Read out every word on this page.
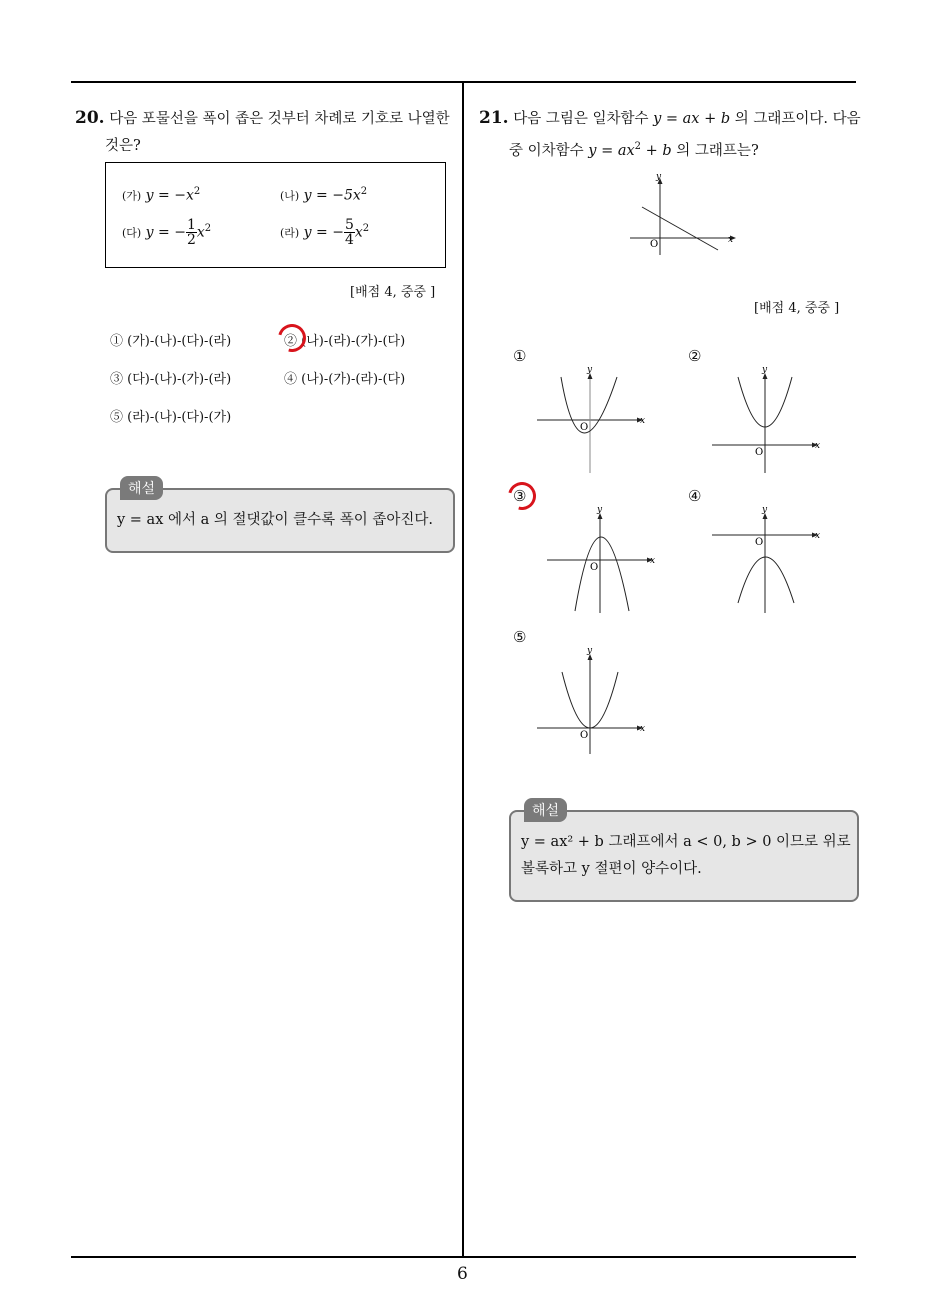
20. 다음 포물선을 폭이 좁은 것부터 차례로 기호로 나열한
것은?
(가) $y = -x^2$	(나) $y = -5x^2$
(다) y = − $\frac{1}{2} x^2$	(라) y = − $\frac{5}{4} x^2$
[배점 4, 중중 ]
① (가)-(나)-(다)-(라)	② (나)-(라)-(가)-(다)
③ (다)-(나)-(가)-(라)	④ (나)-(가)-(라)-(다)
⑤ (라)-(나)-(다)-(가)
해설
y = ax 에서 a 의 절댓값이 클수록 폭이 좁아진다.
21. 다음 그림은 일차함수 y = ax + b 의 그래프이다. 다음
중 이차함수 $y = ax^2 + b$ 의 그래프는?
x
y
O
[배점 4, 중중 ]
①
x
y
O
②
x
y
O
③
x
y
O
④
x
y
O
⑤
x
y
O
해설
y = ax² + b 그래프에서 a < 0, b > 0 이므로 위로
볼록하고 y 절편이 양수이다.
6
